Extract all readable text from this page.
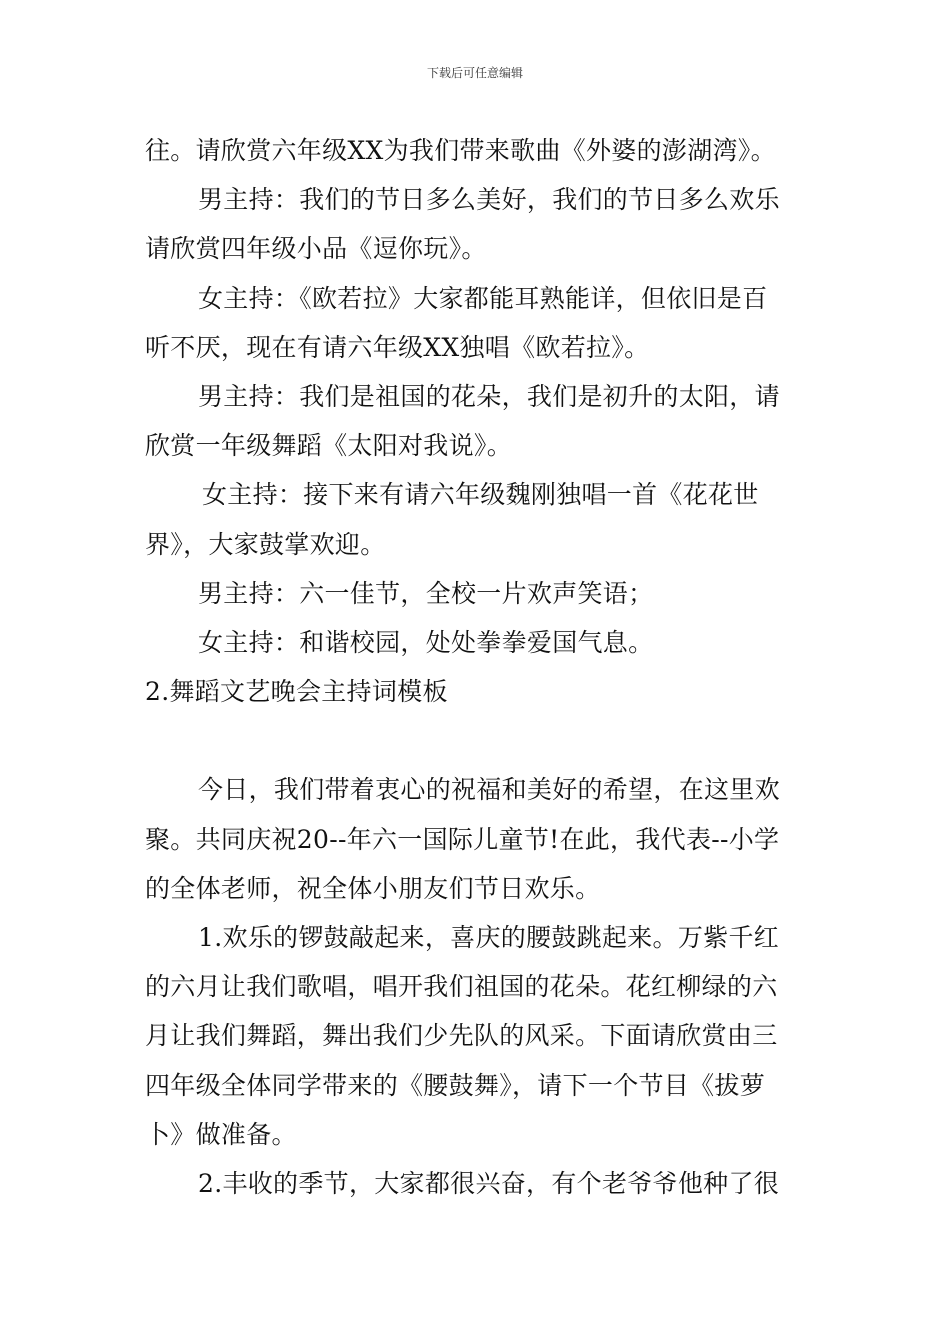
下载后可任意编辑
往。请欣赏六年级XX为我们带来歌曲《外婆的澎湖湾》。
男主持：我们的节日多么美好，我们的节日多么欢乐
请欣赏四年级小品《逗你玩》。
女主持：《欧若拉》大家都能耳熟能详，但依旧是百
听不厌，现在有请六年级XX独唱《欧若拉》。
男主持：我们是祖国的花朵，我们是初升的太阳，请
欣赏一年级舞蹈《太阳对我说》。
女主持：接下来有请六年级魏刚独唱一首《花花世
界》，大家鼓掌欢迎。
男主持：六一佳节，全校一片欢声笑语；
女主持：和谐校园，处处拳拳爱国气息。
2.舞蹈文艺晚会主持词模板
今日，我们带着衷心的祝福和美好的希望，在这里欢
聚。共同庆祝20--年六一国际儿童节!在此，我代表--小学
的全体老师，祝全体小朋友们节日欢乐。
1.欢乐的锣鼓敲起来，喜庆的腰鼓跳起来。万紫千红
的六月让我们歌唱，唱开我们祖国的花朵。花红柳绿的六
月让我们舞蹈，舞出我们少先队的风采。下面请欣赏由三
四年级全体同学带来的《腰鼓舞》，请下一个节目《拔萝
卜》做准备。
2.丰收的季节，大家都很兴奋，有个老爷爷他种了很
